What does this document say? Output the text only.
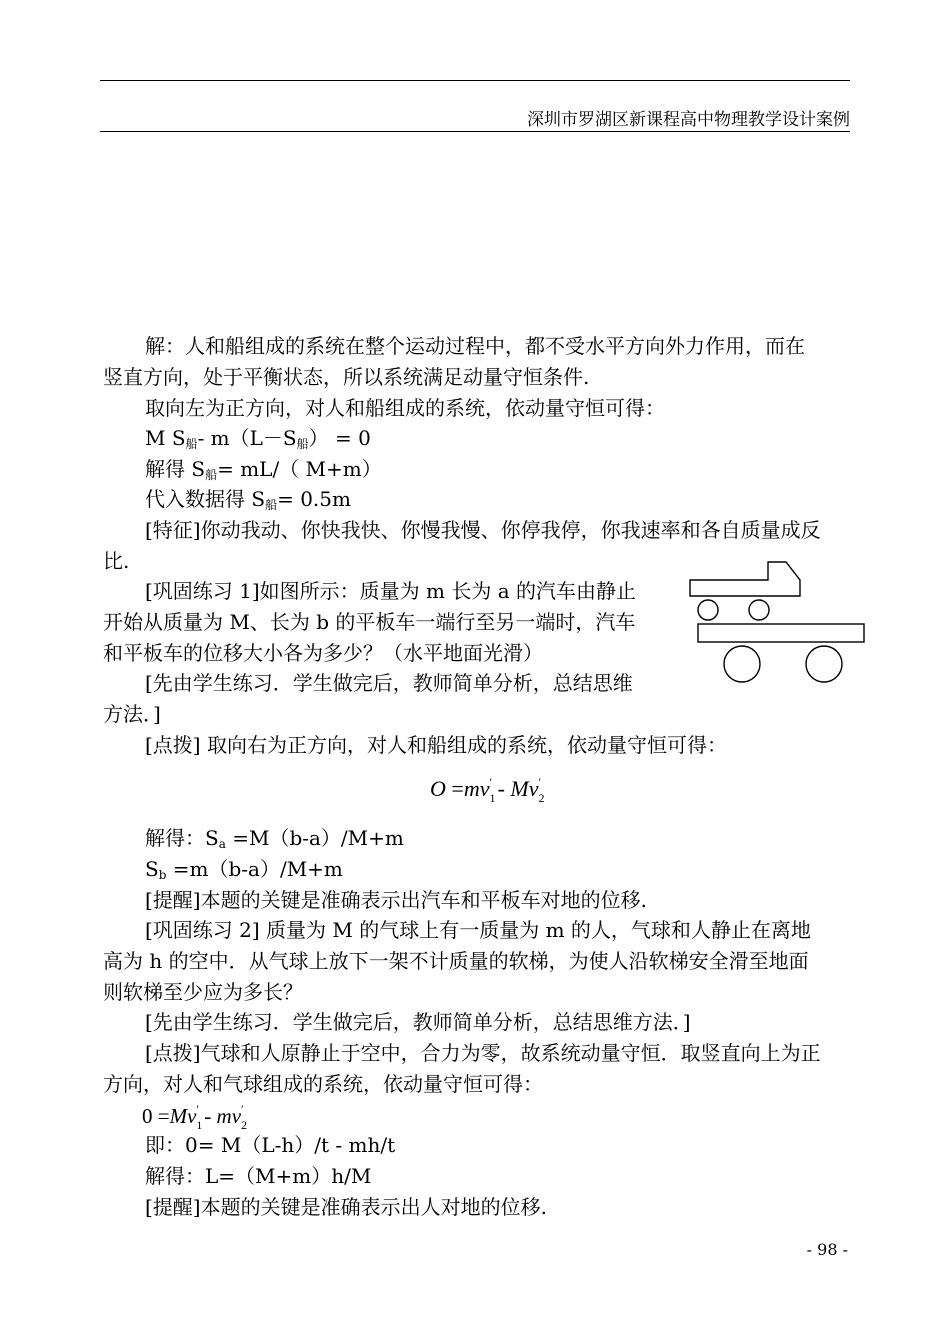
深圳市罗湖区新课程高中物理教学设计案例
解：人和船组成的系统在整个运动过程中，都不受水平方向外力作用，而在
竖直方向，处于平衡状态，所以系统满足动量守恒条件.
取向左为正方向，对人和船组成的系统，依动量守恒可得：
M S船- m（L－S船） = 0
解得 S船= mL/（ M+m）
代入数据得 S船= 0.5m
[特征]你动我动、你快我快、你慢我慢、你停我停，你我速率和各自质量成反
比.
[巩固练习 1]如图所示：质量为 m 长为 a 的汽车由静止
开始从质量为 M、长为 b 的平板车一端行至另一端时，汽车
和平板车的位移大小各为多少？（水平地面光滑）
[先由学生练习．学生做完后，教师简单分析，总结思维
方法．]
[点拨] 取向右为正方向，对人和船组成的系统，依动量守恒可得：
$O =mv_1' - Mv_2'$
解得：Sa =M（b-a）/M+m
Sb =m（b-a）/M+m
[提醒]本题的关键是准确表示出汽车和平板车对地的位移.
[巩固练习 2] 质量为 M 的气球上有一质量为 m 的人，气球和人静止在离地
高为 h 的空中．从气球上放下一架不计质量的软梯，为使人沿软梯安全滑至地面
则软梯至少应为多长？
[先由学生练习．学生做完后，教师简单分析，总结思维方法．]
[点拨]气球和人原静止于空中，合力为零，故系统动量守恒．取竖直向上为正
方向，对人和气球组成的系统，依动量守恒可得：
$0 =Mv_1' - mv_2'$
即：0= M（L-h）/t - mh/t
解得：L=（M+m）h/M
[提醒]本题的关键是准确表示出人对地的位移.
- 98 -
